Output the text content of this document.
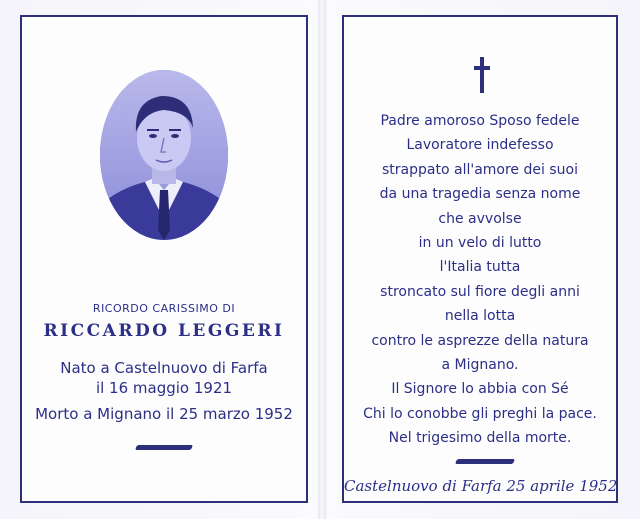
RICORDO CARISSIMO DI
RICCARDO LEGGERI
Nato a Castelnuovo di Farfa
il 16 maggio 1921
Morto a Mignano il 25 marzo 1952
Padre amoroso Sposo fedele
Lavoratore indefesso
strappato all'amore dei suoi
da una tragedia senza nome
che avvolse
in un velo di lutto
l'Italia tutta
stroncato sul fiore degli anni
nella lotta
contro le asprezze della natura
a Mignano.
Il Signore lo abbia con Sé
Chi lo conobbe gli preghi la pace.
Nel trigesimo della morte.
Castelnuovo di Farfa 25 aprile 1952
